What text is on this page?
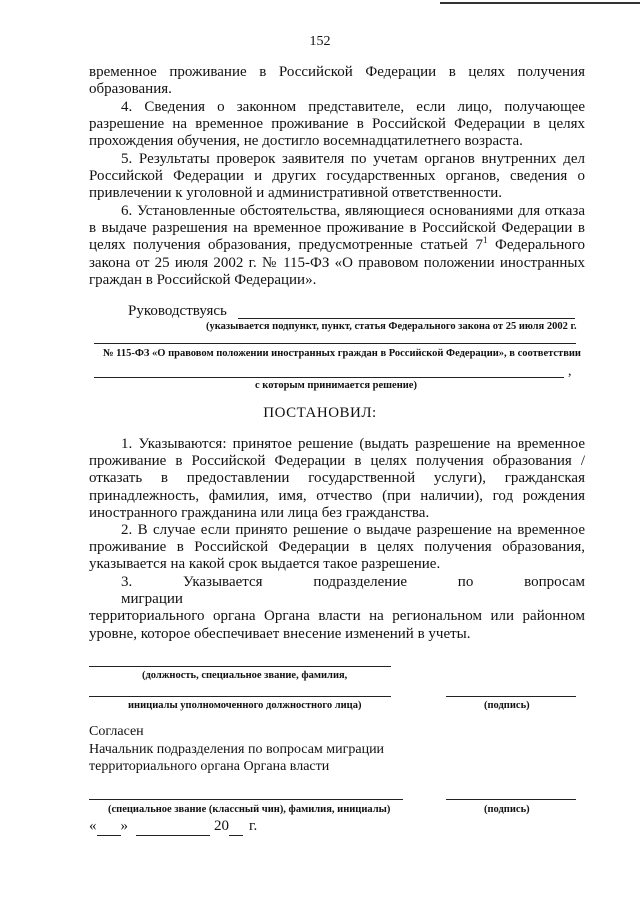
152
временное проживание в Российской Федерации в целях получения
образования.
4. Сведения о законном представителе, если лицо, получающее
разрешение на временное проживание в Российской Федерации в целях
прохождения обучения, не достигло восемнадцатилетнего возраста.
5. Результаты проверок заявителя по учетам органов внутренних дел
Российской Федерации и других государственных органов, сведения о
привлечении к уголовной и административной ответственности.
6. Установленные обстоятельства, являющиеся основаниями для отказа
в выдаче разрешения на временное проживание в Российской Федерации в
целях получения образования, предусмотренные статьей $7^1$ Федерального
закона от 25 июля 2002 г. № 115-ФЗ «О правовом положении иностранных
граждан в Российской Федерации».
Руководствуясь
(указывается подпункт, пункт, статья Федерального закона от 25 июля 2002 г.
№ 115-ФЗ «О правовом положении иностранных граждан в Российской Федерации», в соответствии
,
с которым принимается решение)
ПОСТАНОВИЛ:
1. Указываются: принятое решение (выдать разрешение на временное
проживание в Российской Федерации в целях получения образования /
отказать в предоставлении государственной услуги), гражданская
принадлежность, фамилия, имя, отчество (при наличии), год рождения
иностранного гражданина или лица без гражданства.
2. В случае если принято решение о выдаче разрешение на временное
проживание в Российской Федерации в целях получения образования,
указывается на какой срок выдается такое разрешение.
3. Указывается подразделение по вопросам миграции
территориального органа Органа власти на региональном или районном
уровне, которое обеспечивает внесение изменений в учеты.
(должность, специальное звание, фамилия,
инициалы уполномоченного должностного лица)	(подпись)
Согласен
Начальник подразделения по вопросам миграции
территориального органа Органа власти
(специальное звание (классный чин), фамилия, инициалы)	(подпись)
« »	20 г.
